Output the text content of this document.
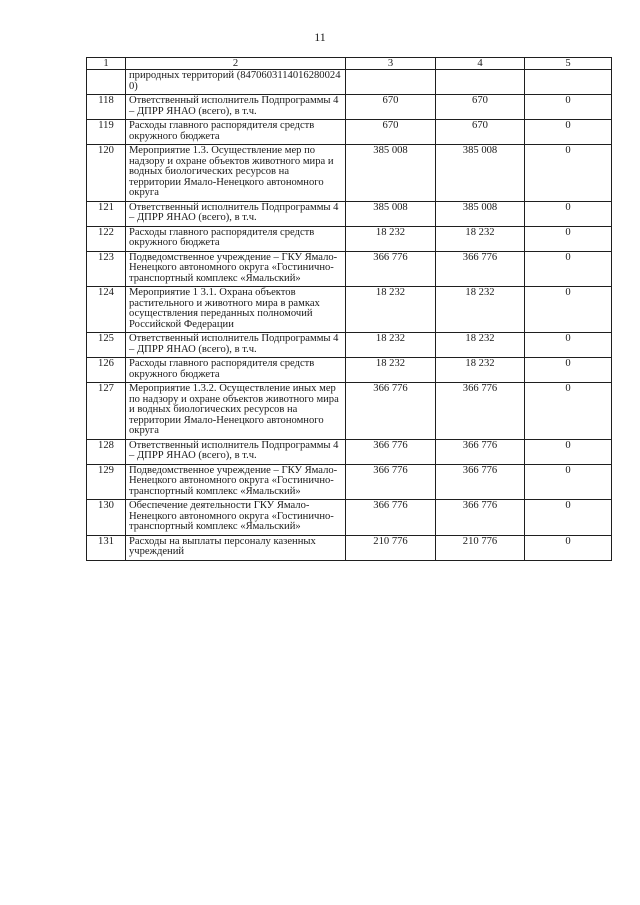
11
1	2	3	4	5
	природных территорий (8470603114016280024​0)			
118	Ответственный исполнитель Подпрограммы 4 – ДПРР ЯНАО (всего), в т.ч.	670	670	0
119	Расходы главного распорядителя средств окружного бюджета	670	670	0
120	Мероприятие 1.3. Осуществление мер по надзору и охране объектов животного мира и водных биологических ресурсов на территории Ямало-Ненецкого автономного округа	385 008	385 008	0
121	Ответственный исполнитель Подпрограммы 4 – ДПРР ЯНАО (всего), в т.ч.	385 008	385 008	0
122	Расходы главного распорядителя средств окружного бюджета	18 232	18 232	0
123	Подведомственное учреждение – ГКУ Ямало-Ненецкого автономного округа «Гостинично-транспортный комплекс «Ямальский»	366 776	366 776	0
124	Мероприятие 1 3.1. Охрана объектов растительного и животного мира в рамках осуществления переданных полномочий Российской Федерации	18 232	18 232	0
125	Ответственный исполнитель Подпрограммы 4 – ДПРР ЯНАО (всего), в т.ч.	18 232	18 232	0
126	Расходы главного распорядителя средств окружного бюджета	18 232	18 232	0
127	Мероприятие 1.3.2. Осуществление иных мер по надзору и охране объектов животного мира и водных биологических ресурсов на территории Ямало-Ненецкого автономного округа	366 776	366 776	0
128	Ответственный исполнитель Подпрограммы 4 – ДПРР ЯНАО (всего), в т.ч.	366 776	366 776	0
129	Подведомственное учреждение – ГКУ Ямало-Ненецкого автономного округа «Гостинично-транспортный комплекс «Ямальский»	366 776	366 776	0
130	Обеспечение деятельности ГКУ Ямало-Ненецкого автономного округа «Гостинично-транспортный комплекс «Ямальский»	366 776	366 776	0
131	Расходы на выплаты персоналу казенных учреждений	210 776	210 776	0
